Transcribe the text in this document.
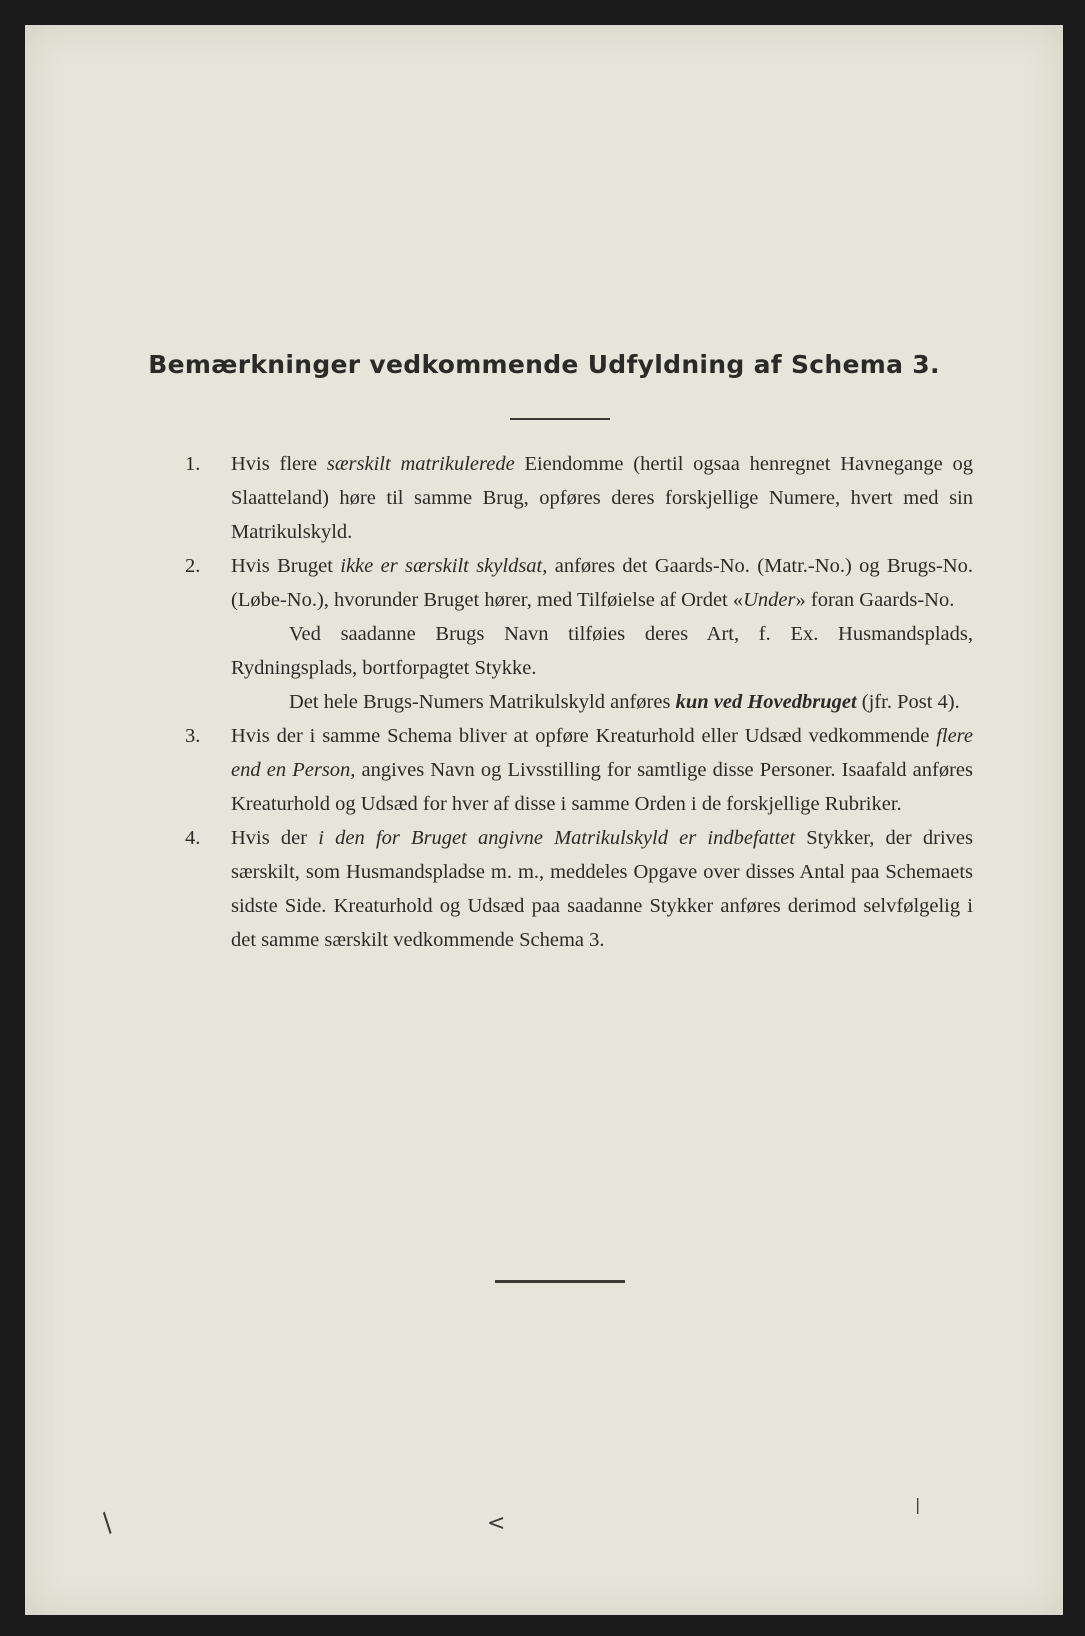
Bemærkninger vedkommende Udfyldning af Schema 3.
1. Hvis flere særskilt matrikulerede Eiendomme (hertil ogsaa henregnet Havnegange og Slaatteland) høre til samme Brug, opføres deres forskjellige Numere, hvert med sin Matrikulskyld.

2. Hvis Bruget ikke er særskilt skyldsat, anføres det Gaards-No. (Matr.-No.) og Brugs-No. (Løbe-No.), hvorunder Bruget hører, med Tilføielse af Ordet «Under» foran Gaards-No.

Ved saadanne Brugs Navn tilføies deres Art, f. Ex. Husmandsplads, Rydningsplads, bortforpagtet Stykke.

Det hele Brugs-Numers Matrikulskyld anføres kun ved Hovedbruget (jfr. Post 4).

3. Hvis der i samme Schema bliver at opføre Kreaturhold eller Udsæd vedkommende flere end en Person, angives Navn og Livsstilling for samtlige disse Personer. Isaafald anføres Kreaturhold og Udsæd for hver af disse i samme Orden i de forskjellige Rubriker.

4. Hvis der i den for Bruget angivne Matrikulskyld er indbefattet Stykker, der drives særskilt, som Husmandspladse m. m., meddeles Opgave over disses Antal paa Schemaets sidste Side. Kreaturhold og Udsæd paa saadanne Stykker anføres derimod selvfølgelig i det samme særskilt vedkommende Schema 3.

/	<
|
